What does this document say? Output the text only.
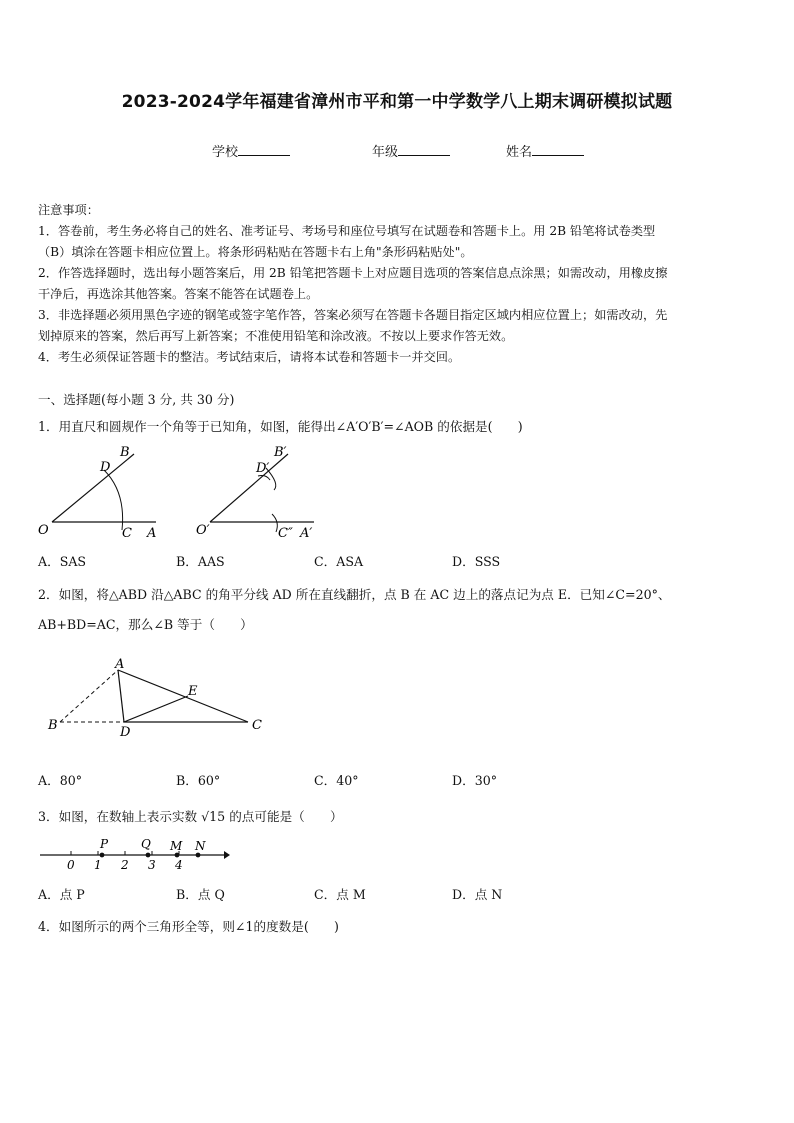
2023-2024学年福建省漳州市平和第一中学数学八上期末调研模拟试题
学校	年级	姓名
注意事项：
1．答卷前，考生务必将自己的姓名、准考证号、考场号和座位号填写在试题卷和答题卡上。用 2B 铅笔将试卷类型
（B）填涂在答题卡相应位置上。将条形码粘贴在答题卡右上角"条形码粘贴处"。
2．作答选择题时，选出每小题答案后，用 2B 铅笔把答题卡上对应题目选项的答案信息点涂黑；如需改动，用橡皮擦
干净后，再选涂其他答案。答案不能答在试题卷上。
3．非选择题必须用黑色字迹的钢笔或签字笔作答，答案必须写在答题卡各题目指定区域内相应位置上；如需改动，先
划掉原来的答案，然后再写上新答案；不准使用铅笔和涂改液。不按以上要求作答无效。
4．考生必须保证答题卡的整洁。考试结束后，请将本试卷和答题卡一并交回。
一、选择题(每小题 3 分, 共 30 分)
1．用直尺和圆规作一个角等于已知角，如图，能得出∠A′O′B′=∠AOB 的依据是(　　)
O
B
D
C A	O′
B′
D′
C″ A′
A．SAS	B．AAS	C．ASA	D．SSS
2．如图，将△ABD 沿△ABC 的角平分线 AD 所在直线翻折，点 B 在 AC 边上的落点记为点 E．已知∠C=20°、
AB+BD=AC，那么∠B 等于（　　）
A
E
B	D	C
A．80°	B．60°	C．40°	D．30°
3．如图，在数轴上表示实数 √15 的点可能是（　　）
P	Q M N
0 1 2 3 4
A．点 P	B．点 Q	C．点 M	D．点 N
4．如图所示的两个三角形全等，则∠1的度数是(　　)
